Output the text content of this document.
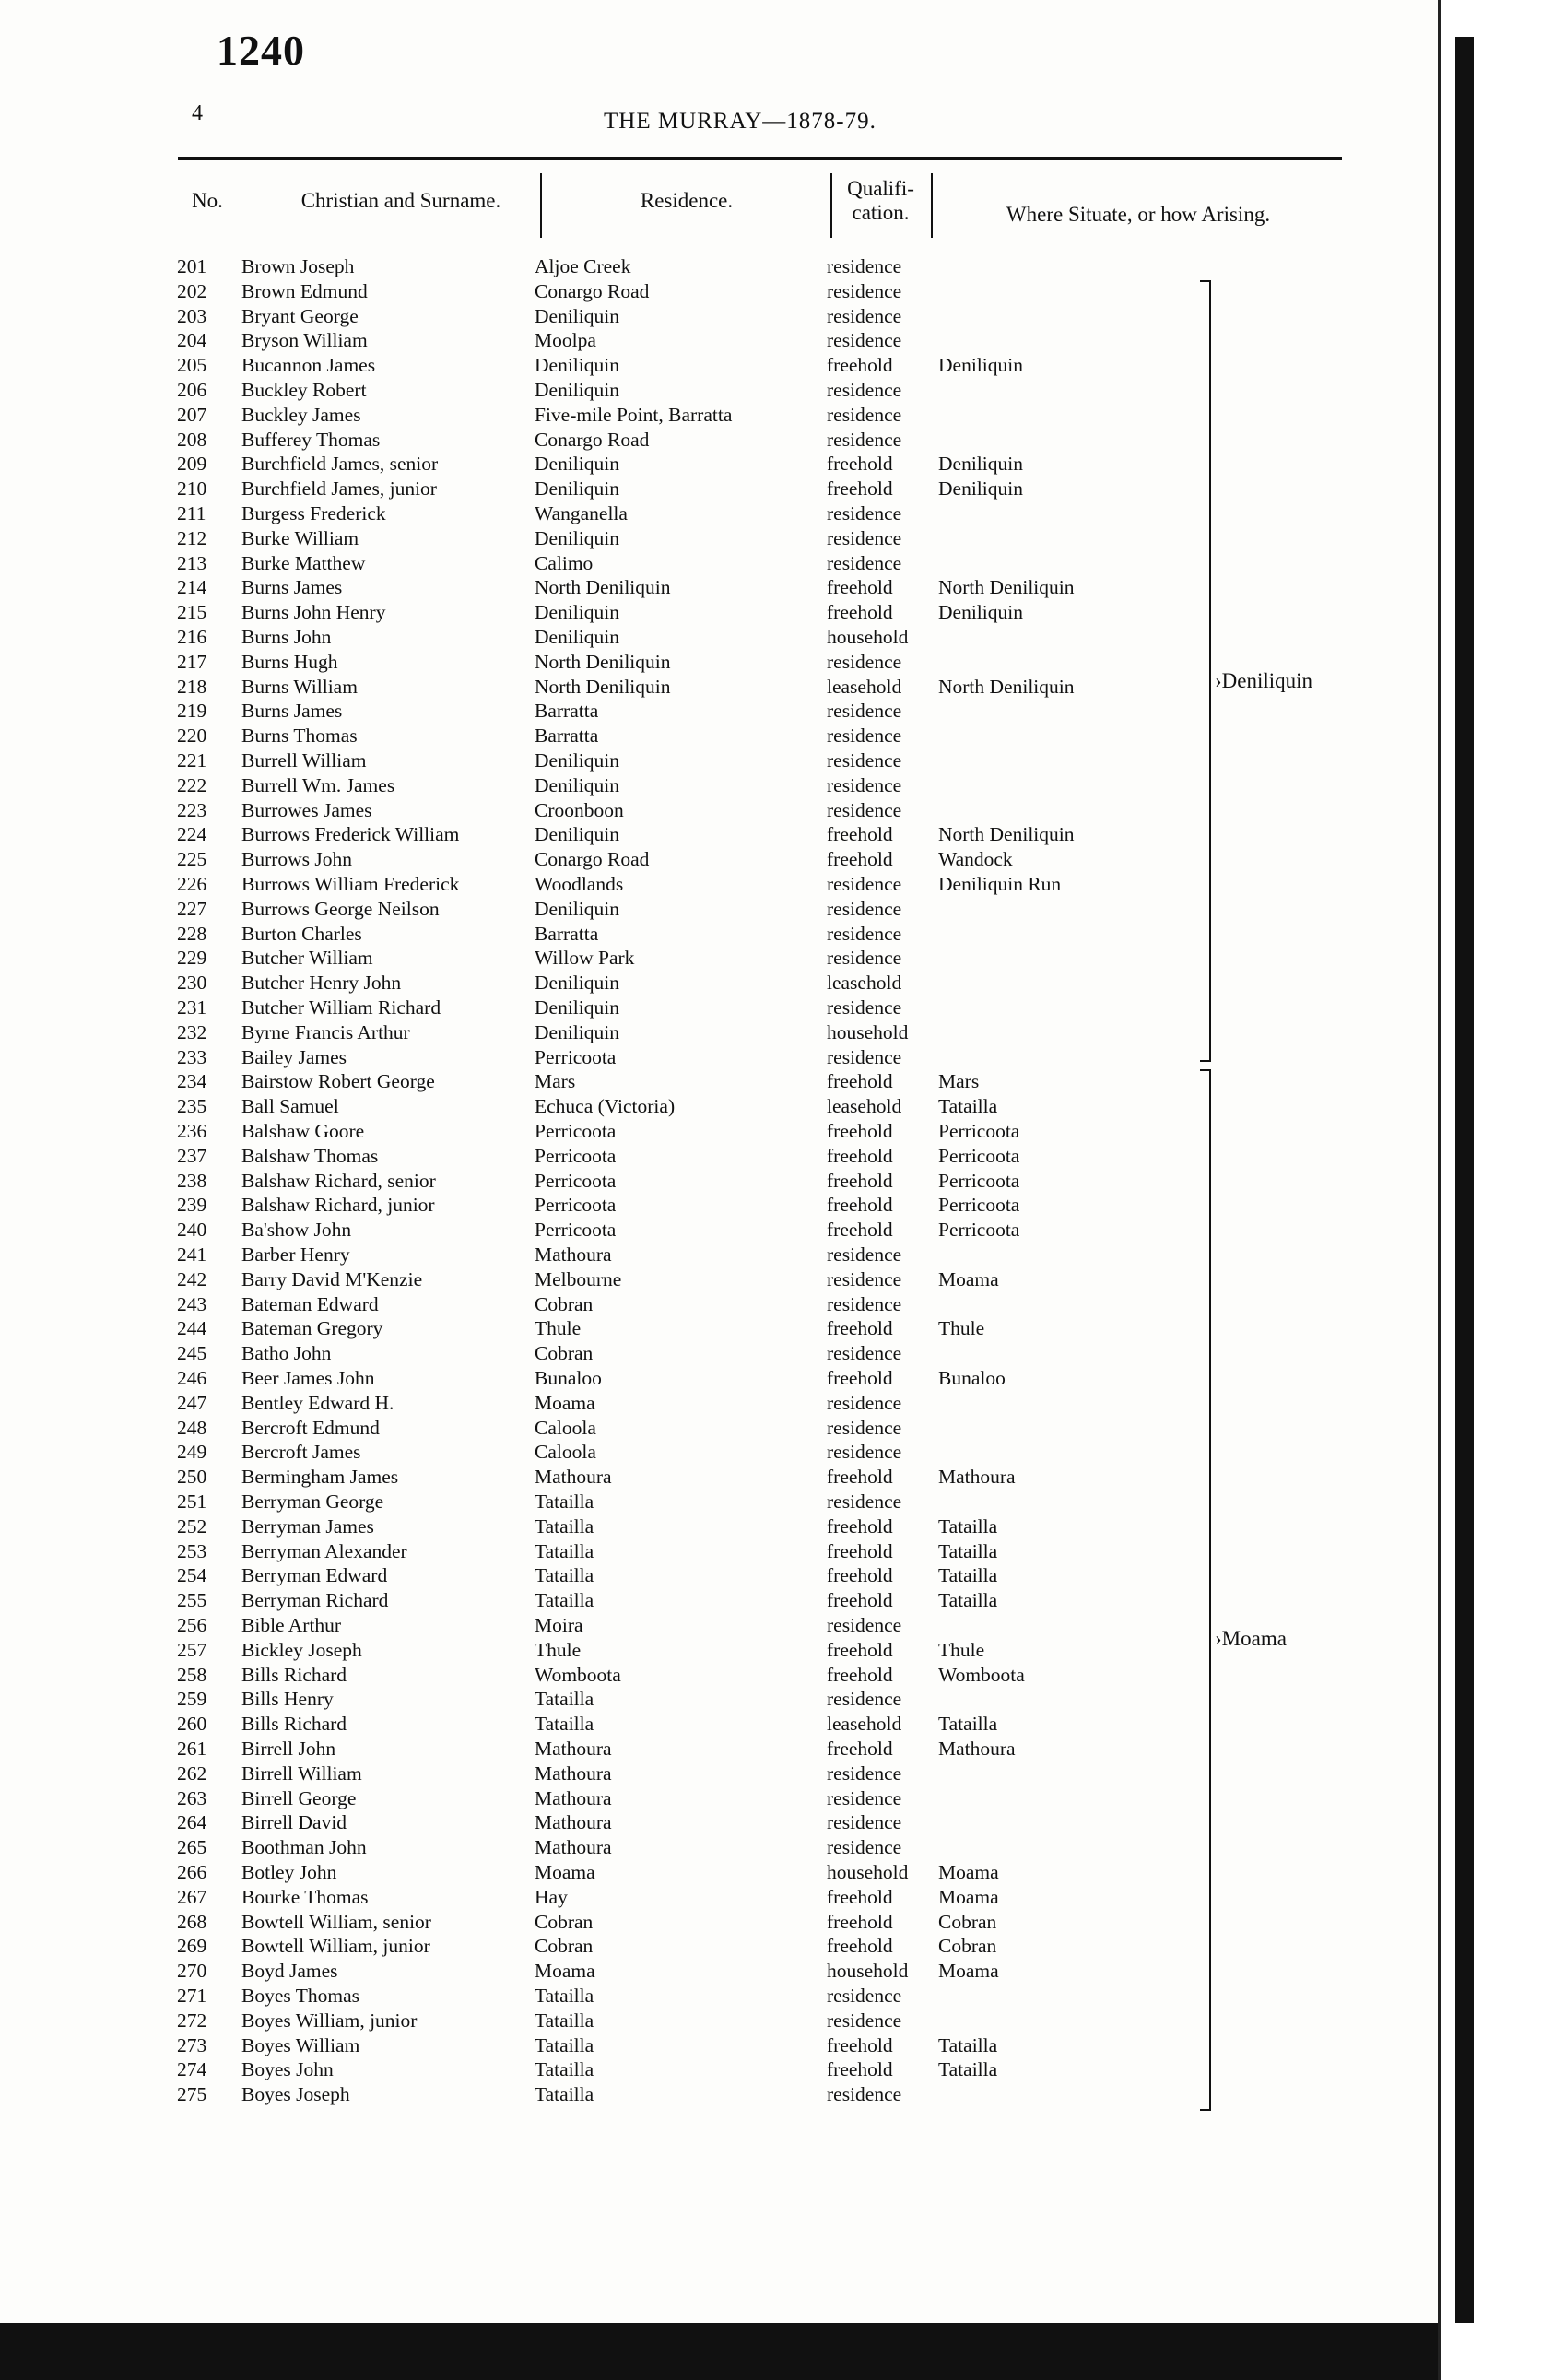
1240
4	THE MURRAY—1878-79.
No.	Christian and Surname.	Residence.
Qualifi-
cation.	Where Situate, or how Arising.
201	Brown Joseph	Aljoe Creek	residence
202	Brown Edmund	Conargo Road	residence
203	Bryant George	Deniliquin	residence
204	Bryson William	Moolpa	residence
205	Bucannon James	Deniliquin	freehold Deniliquin
206	Buckley Robert	Deniliquin	residence
207	Buckley James	Five-mile Point, Barratta	residence
208	Bufferey Thomas	Conargo Road	residence
209	Burchfield James, senior	Deniliquin	freehold Deniliquin
210	Burchfield James, junior	Deniliquin	freehold Deniliquin
211	Burgess Frederick	Wanganella	residence
212	Burke William	Deniliquin	residence
213	Burke Matthew	Calimo	residence
214	Burns James	North Deniliquin	freehold North Deniliquin
215	Burns John Henry	Deniliquin	freehold Deniliquin
216	Burns John	Deniliquin	household
217	Burns Hugh	North Deniliquin	residence
218	Burns William	North Deniliquin	leasehold North Deniliquin
219	Burns James	Barratta	residence
220	Burns Thomas	Barratta	residence
221	Burrell William	Deniliquin	residence
222	Burrell Wm. James	Deniliquin	residence
223	Burrowes James	Croonboon	residence
224	Burrows Frederick William	Deniliquin	freehold North Deniliquin
225	Burrows John	Conargo Road	freehold Wandock
226	Burrows William Frederick	Woodlands	residence Deniliquin Run
227	Burrows George Neilson	Deniliquin	residence
228	Burton Charles	Barratta	residence
229	Butcher William	Willow Park	residence
230	Butcher Henry John	Deniliquin	leasehold
231	Butcher William Richard	Deniliquin	residence
232	Byrne Francis Arthur	Deniliquin	household
233	Bailey James	Perricoota	residence
234	Bairstow Robert George	Mars	freehold Mars
235	Ball Samuel	Echuca (Victoria)	leasehold Tataillа
236	Balshaw Goore	Perricoota	freehold Perricoota
237	Balshaw Thomas	Perricoota	freehold Perricoota
238	Balshaw Richard, senior	Perricoota	freehold Perricoota
239	Balshaw Richard, junior	Perricoota	freehold Perricoota
240	Ba'show John	Perricoota	freehold Perricoota
241	Barber Henry	Mathoura	residence
242	Barry David M'Kenzie	Melbourne	residence Moama
243	Bateman Edward	Cobran	residence
244	Bateman Gregory	Thule	freehold Thule
245	Batho John	Cobran	residence
246	Beer James John	Bunaloo	freehold Bunaloo
247	Bentley Edward H.	Moama	residence
248	Bercroft Edmund	Caloola	residence
249	Bercroft James	Caloola	residence
250	Bermingham James	Mathoura	freehold Mathoura
251	Berryman George	Tatailla	residence
252	Berryman James	Tatailla	freehold Tatailla
253	Berryman Alexander	Tatailla	freehold Tatailla
254	Berryman Edward	Tatailla	freehold Tatailla
255	Berryman Richard	Tatailla	freehold Tatailla
256	Bible Arthur	Moira	residence
257	Bickley Joseph	Thule	freehold Thule
258	Bills Richard	Womboota	freehold Womboota
259	Bills Henry	Tatailla	residence
260	Bills Richard	Tatailla	leasehold Tatailla
261	Birrell John	Mathoura	freehold Mathoura
262	Birrell William	Mathoura	residence
263	Birrell George	Mathoura	residence
264	Birrell David	Mathoura	residence
265	Boothman John	Mathoura	residence
266	Botley John	Moama	household Moama
267	Bourke Thomas	Hay	freehold Moama
268	Bowtell William, senior	Cobran	freehold Cobran
269	Bowtell William, junior	Cobran	freehold Cobran
270	Boyd James	Moama	household Moama
271	Boyes Thomas	Tatailla	residence
272	Boyes William, junior	Tatailla	residence
273	Boyes William	Tatailla	freehold Tatailla
274	Boyes John	Tatailla	freehold Tatailla
275	Boyes Joseph	Tatailla	residence
›Deniliquin
›Moama
